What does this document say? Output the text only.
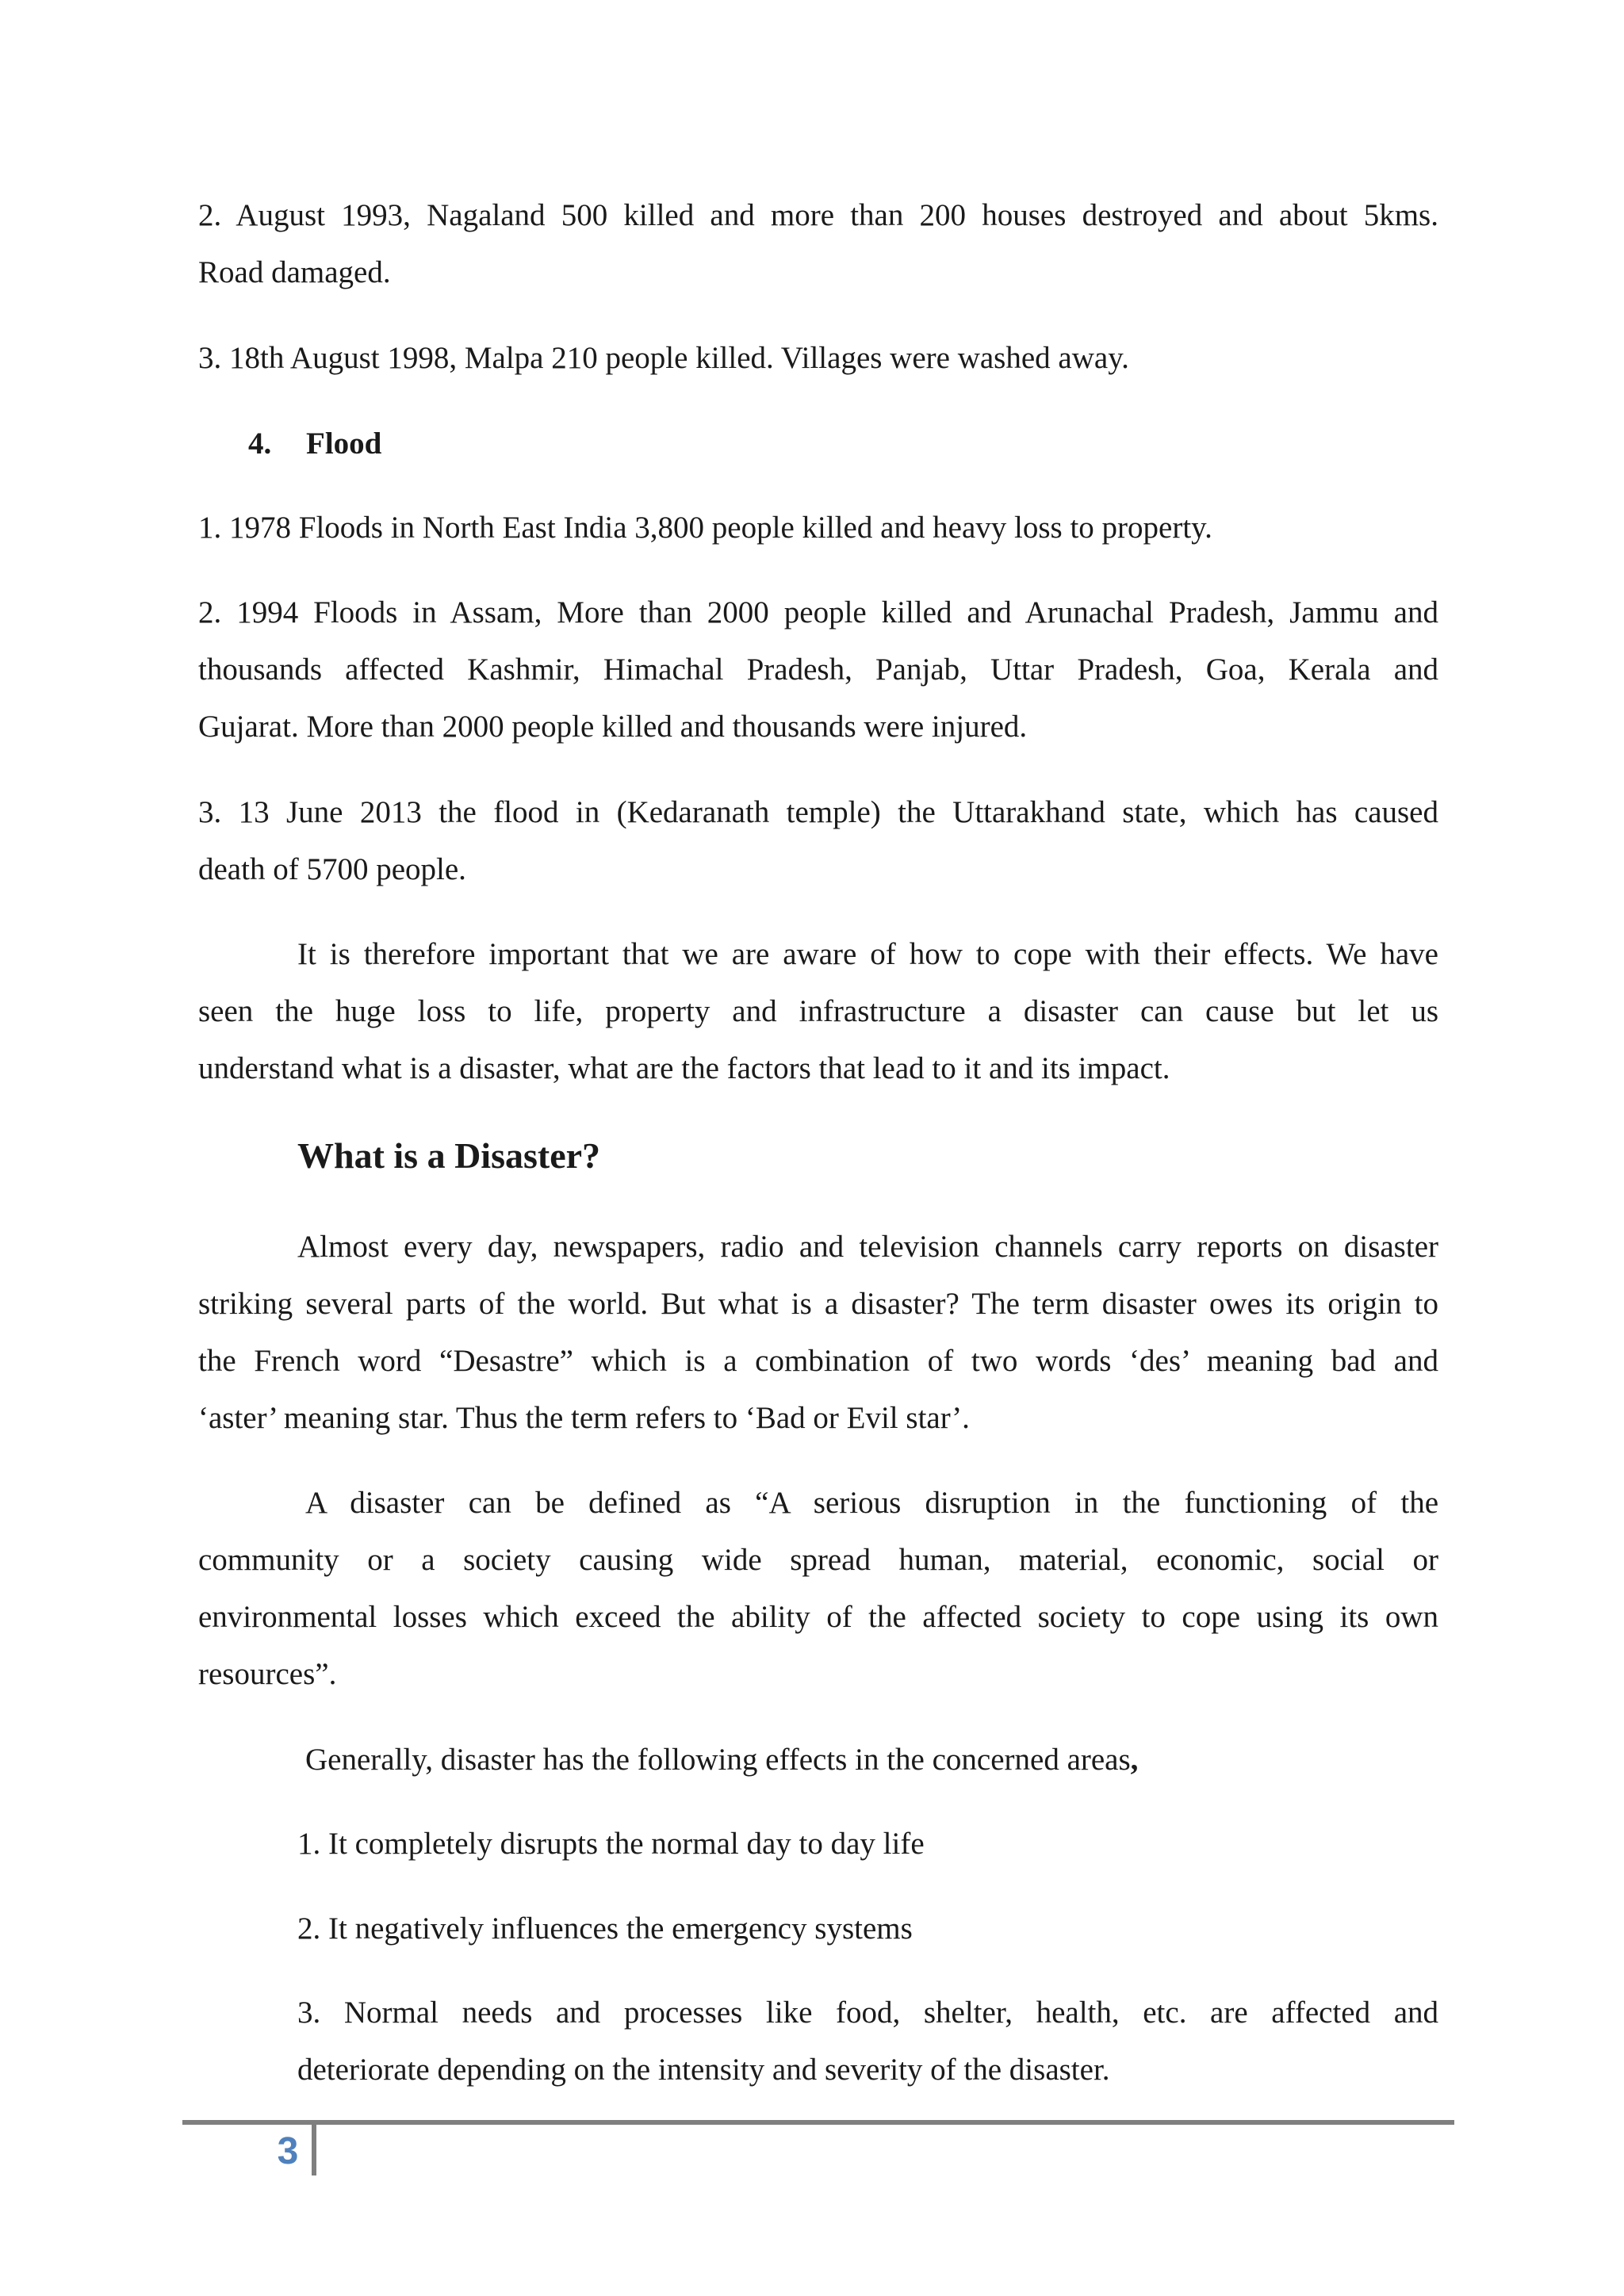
2. August 1993, Nagaland 500 killed and more than 200 houses destroyed and about 5kms.
Road damaged.
3. 18th August 1998, Malpa 210 people killed. Villages were washed away.
4. Flood
1. 1978 Floods in North East India 3,800 people killed and heavy loss to property.
2. 1994 Floods in Assam, More than 2000 people killed and Arunachal Pradesh, Jammu and
thousands affected Kashmir, Himachal Pradesh, Panjab, Uttar Pradesh, Goa, Kerala and
Gujarat. More than 2000 people killed and thousands were injured.
3. 13 June 2013 the flood in (Kedaranath temple) the Uttarakhand state, which has caused
death of 5700 people.
It is therefore important that we are aware of how to cope with their effects. We have
seen the huge loss to life, property and infrastructure a disaster can cause but let us
understand what is a disaster, what are the factors that lead to it and its impact.
What is a Disaster?
Almost every day, newspapers, radio and television channels carry reports on disaster
striking several parts of the world. But what is a disaster? The term disaster owes its origin to
the French word “Desastre” which is a combination of two words ‘des’ meaning bad and
‘aster’ meaning star. Thus the term refers to ‘Bad or Evil star’.
A disaster can be defined as “A serious disruption in the functioning of the
community or a society causing wide spread human, material, economic, social or
environmental losses which exceed the ability of the affected society to cope using its own
resources”.
Generally, disaster has the following effects in the concerned areas,
1. It completely disrupts the normal day to day life
2. It negatively influences the emergency systems
3. Normal needs and processes like food, shelter, health, etc. are affected and
deteriorate depending on the intensity and severity of the disaster.
3
